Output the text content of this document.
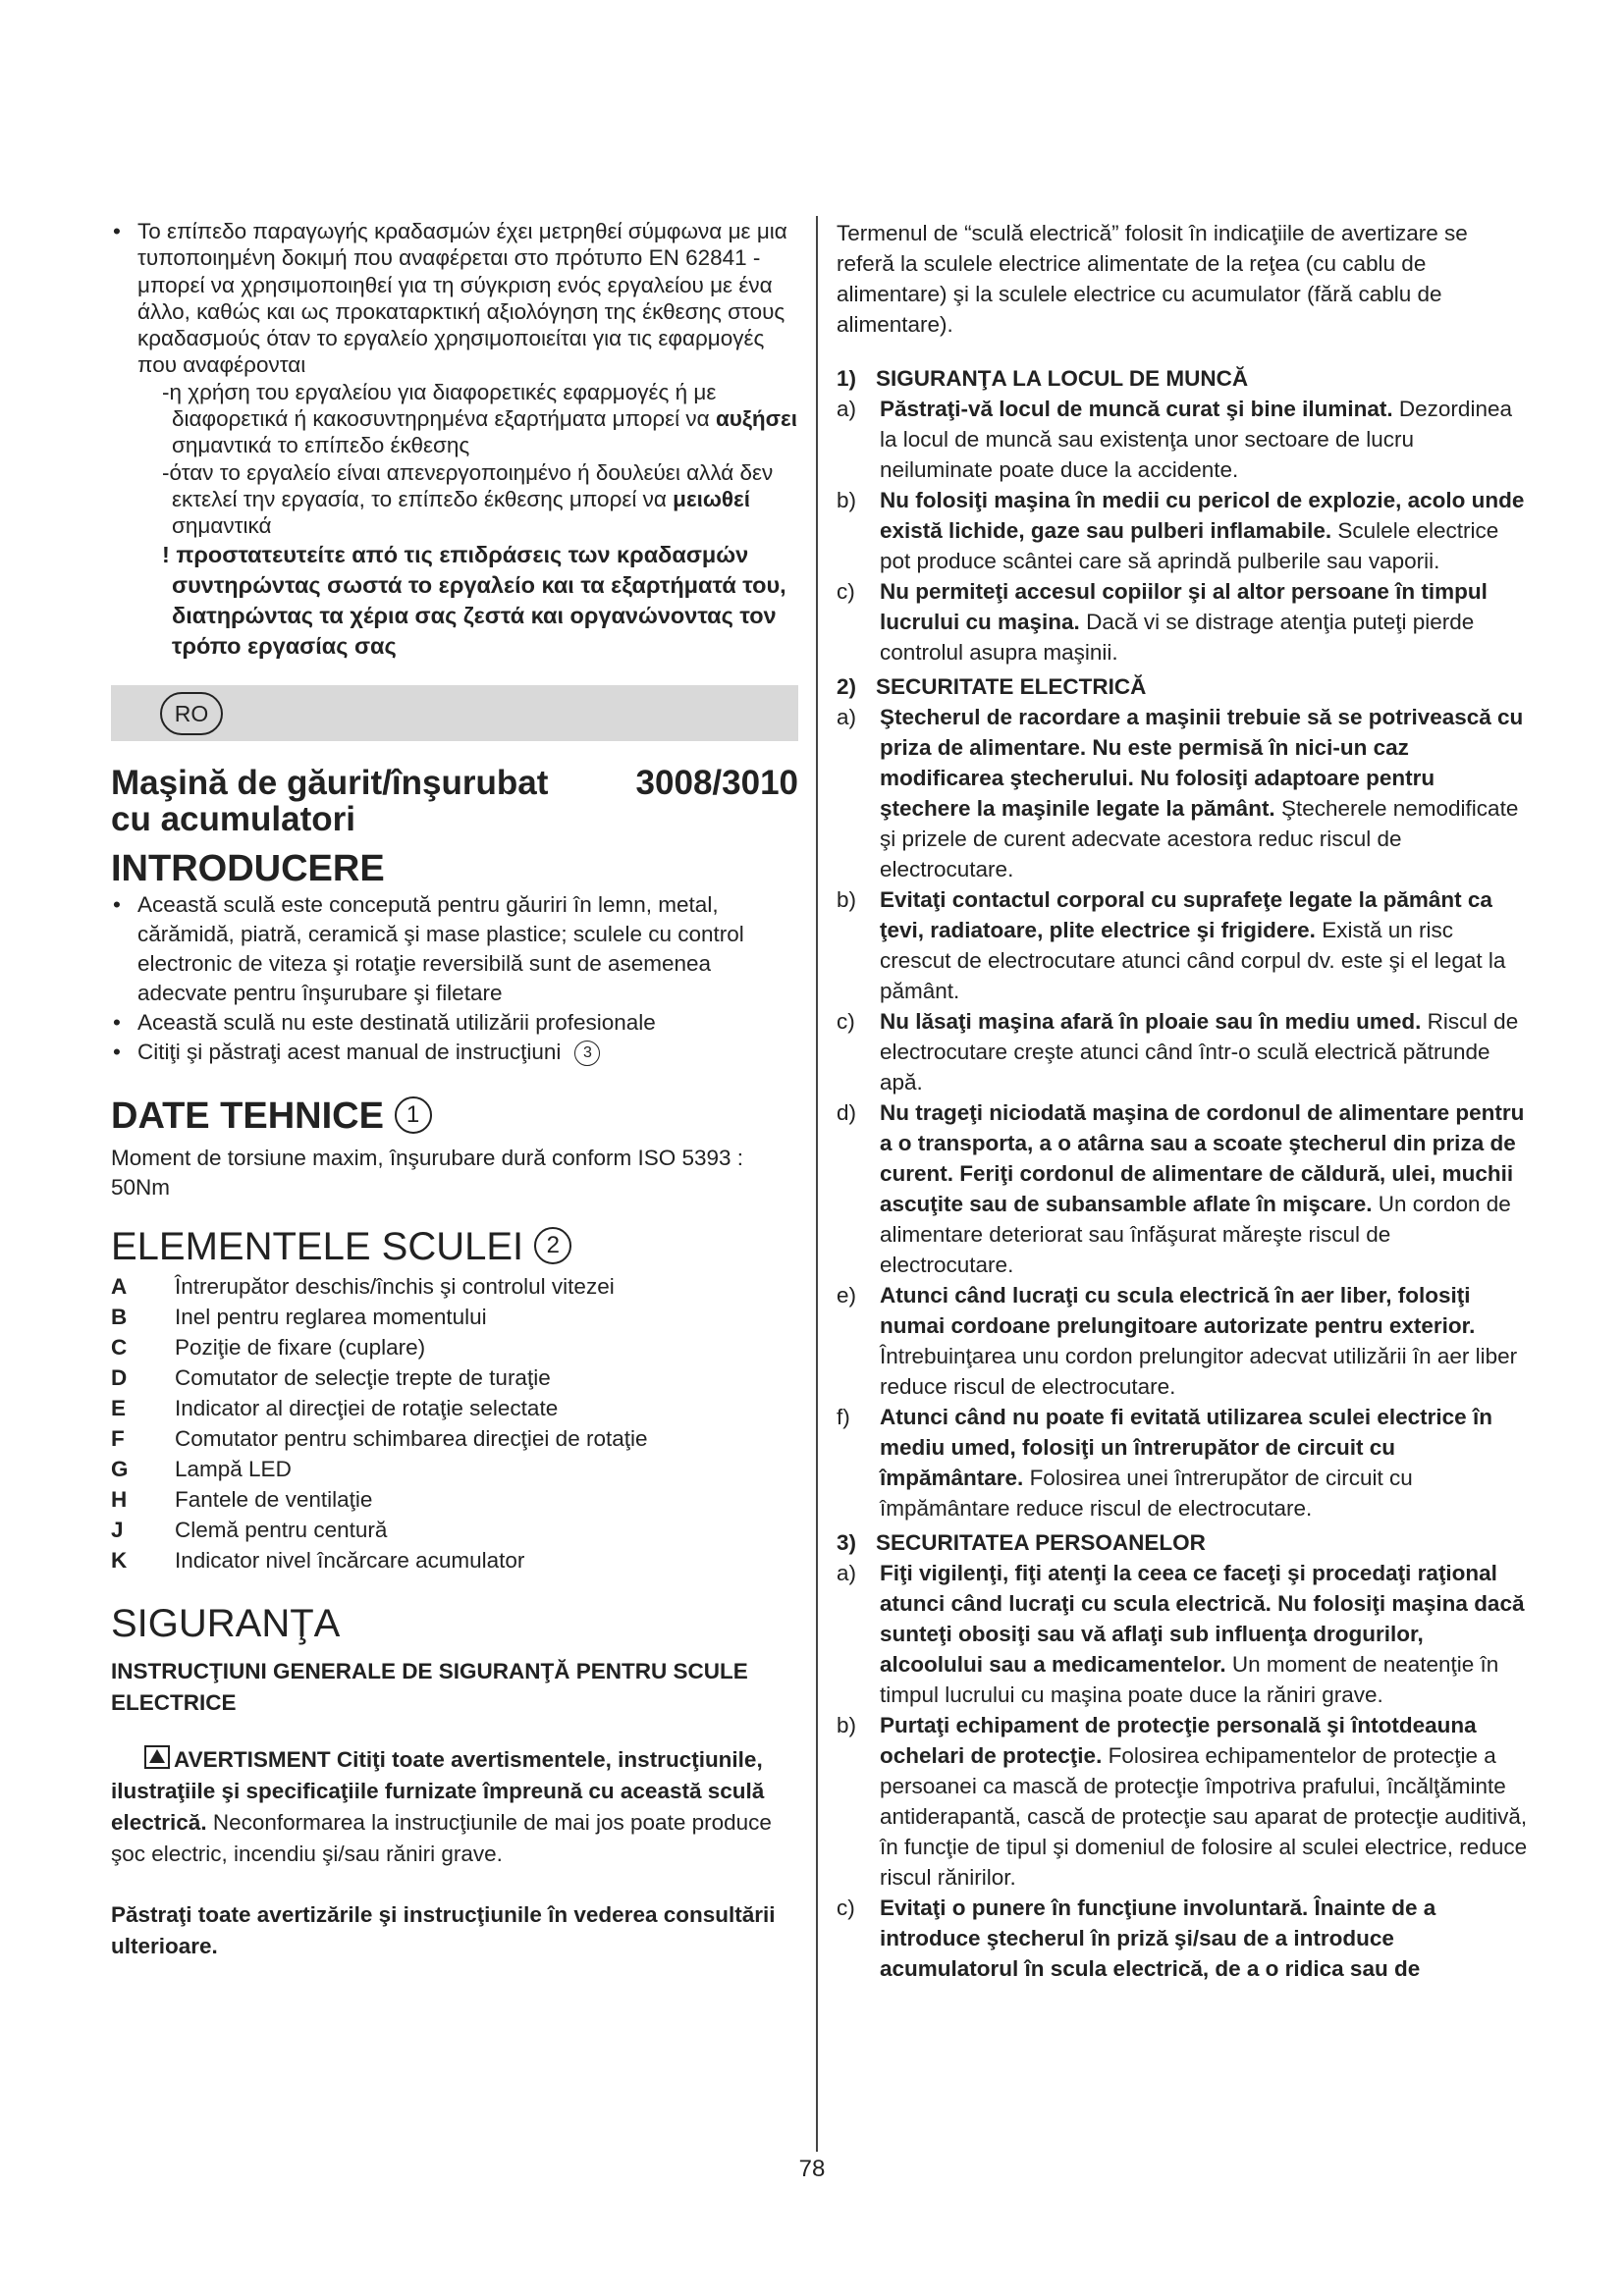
• Το επίπεδο παραγωγής κραδασμών έχει μετρηθεί σύμφωνα με μια τυποποιημένη δοκιμή που αναφέρεται στο πρότυπο EN 62841 - μπορεί να χρησιμοποιηθεί για τη σύγκριση ενός εργαλείου με ένα άλλο, καθώς και ως προκαταρκτική αξιολόγηση της έκθεσης στους κραδασμούς όταν το εργαλείο χρησιμοποιείται για τις εφαρμογές που αναφέρονται
-η χρήση του εργαλείου για διαφορετικές εφαρμογές ή με διαφορετικά ή κακοσυντηρημένα εξαρτήματα μπορεί να αυξήσει σημαντικά το επίπεδο έκθεσης
-όταν το εργαλείο είναι απενεργοποιημένο ή δουλεύει αλλά δεν εκτελεί την εργασία, το επίπεδο έκθεσης μπορεί να μειωθεί σημαντικά
! προστατευτείτε από τις επιδράσεις των κραδασμών συντηρώντας σωστά το εργαλείο και τα εξαρτήματά του, διατηρώντας τα χέρια σας ζεστά και οργανώνοντας τον τρόπο εργασίας σας
RO
Maşină de găurit/înşurubat	3008/3010
cu acumulatori
INTRODUCERE
• Această sculă este concepută pentru găuriri în lemn, metal, cărămidă, piatră, ceramică şi mase plastice; sculele cu control electronic de viteza şi rotaţie reversibilă sunt de asemenea adecvate pentru înşurubare şi filetare
• Această sculă nu este destinată utilizării profesionale
• Citiţi şi păstraţi acest manual de instrucţiuni 3
DATE TEHNICE 1
Moment de torsiune maxim, înşurubare dură conform ISO 5393 : 50Nm
ELEMENTELE SCULEI 2
A	Întrerupător deschis/închis şi controlul vitezei
B	Inel pentru reglarea momentului
C	Poziţie de fixare (cuplare)
D	Comutator de selecţie trepte de turaţie
E	Indicator al direcţiei de rotaţie selectate
F	Comutator pentru schimbarea direcţiei de rotaţie
G	Lampă LED
H	Fantele de ventilaţie
J	Clemă pentru centură
K	Indicator nivel încărcare acumulator
SIGURANŢA
INSTRUCŢIUNI GENERALE DE SIGURANŢĂ PENTRU SCULE ELECTRICE
AVERTISMENT Citiţi toate avertismentele, instrucţiunile, ilustraţiile şi specificaţiile furnizate împreună cu această sculă electrică. Neconformarea la instrucţiunile de mai jos poate produce şoc electric, incendiu şi/sau răniri grave.
Păstraţi toate avertizările şi instrucţiunile în vederea consultării ulterioare.
Termenul de “sculă electrică” folosit în indicaţiile de avertizare se referă la sculele electrice alimentate de la reţea (cu cablu de alimentare) şi la sculele electrice cu acumulator (fără cablu de alimentare).
1) SIGURANŢA LA LOCUL DE MUNCĂ
a) Păstraţi-vă locul de muncă curat şi bine iluminat. Dezordinea la locul de muncă sau existenţa unor sectoare de lucru neiluminate poate duce la accidente.
b) Nu folosiţi maşina în medii cu pericol de explozie, acolo unde există lichide, gaze sau pulberi inflamabile. Sculele electrice pot produce scântei care să aprindă pulberile sau vaporii.
c) Nu permiteţi accesul copiilor şi al altor persoane în timpul lucrului cu maşina. Dacă vi se distrage atenţia puteţi pierde controlul asupra maşinii.
2) SECURITATE ELECTRICĂ
a) Ştecherul de racordare a maşinii trebuie să se potrivească cu priza de alimentare. Nu este permisă în nici-un caz modificarea ştecherului. Nu folosiţi adaptoare pentru ştechere la maşinile legate la pământ. Ştecherele nemodificate şi prizele de curent adecvate acestora reduc riscul de electrocutare.
b) Evitaţi contactul corporal cu suprafeţe legate la pământ ca ţevi, radiatoare, plite electrice şi frigidere. Există un risc crescut de electrocutare atunci când corpul dv. este şi el legat la pământ.
c) Nu lăsaţi maşina afară în ploaie sau în mediu umed. Riscul de electrocutare creşte atunci când într-o sculă electrică pătrunde apă.
d) Nu trageţi niciodată maşina de cordonul de alimentare pentru a o transporta, a o atârna sau a scoate ştecherul din priza de curent. Feriţi cordonul de alimentare de căldură, ulei, muchii ascuţite sau de subansamble aflate în mişcare. Un cordon de alimentare deteriorat sau înfăşurat măreşte riscul de electrocutare.
e) Atunci când lucraţi cu scula electrică în aer liber, folosiţi numai cordoane prelungitoare autorizate pentru exterior. Întrebuinţarea unu cordon prelungitor adecvat utilizării în aer liber reduce riscul de electrocutare.
f) Atunci când nu poate fi evitată utilizarea sculei electrice în mediu umed, folosiţi un întrerupător de circuit cu împământare. Folosirea unei întrerupător de circuit cu împământare reduce riscul de electrocutare.
3) SECURITATEA PERSOANELOR
a) Fiţi vigilenţi, fiţi atenţi la ceea ce faceţi şi procedaţi raţional atunci când lucraţi cu scula electrică. Nu folosiţi maşina dacă sunteţi obosiţi sau vă aflaţi sub influenţa drogurilor, alcoolului sau a medicamentelor. Un moment de neatenţie în timpul lucrului cu maşina poate duce la răniri grave.
b) Purtaţi echipament de protecţie personală şi întotdeauna ochelari de protecţie. Folosirea echipamentelor de protecţie a persoanei ca mască de protecţie împotriva prafului, încălţăminte antiderapantă, cască de protecţie sau aparat de protecţie auditivă, în funcţie de tipul şi domeniul de folosire al sculei electrice, reduce riscul rănirilor.
c) Evitaţi o punere în funcţiune involuntară. Înainte de a introduce ştecherul în priză şi/sau de a introduce acumulatorul în scula electrică, de a o ridica sau de
78
